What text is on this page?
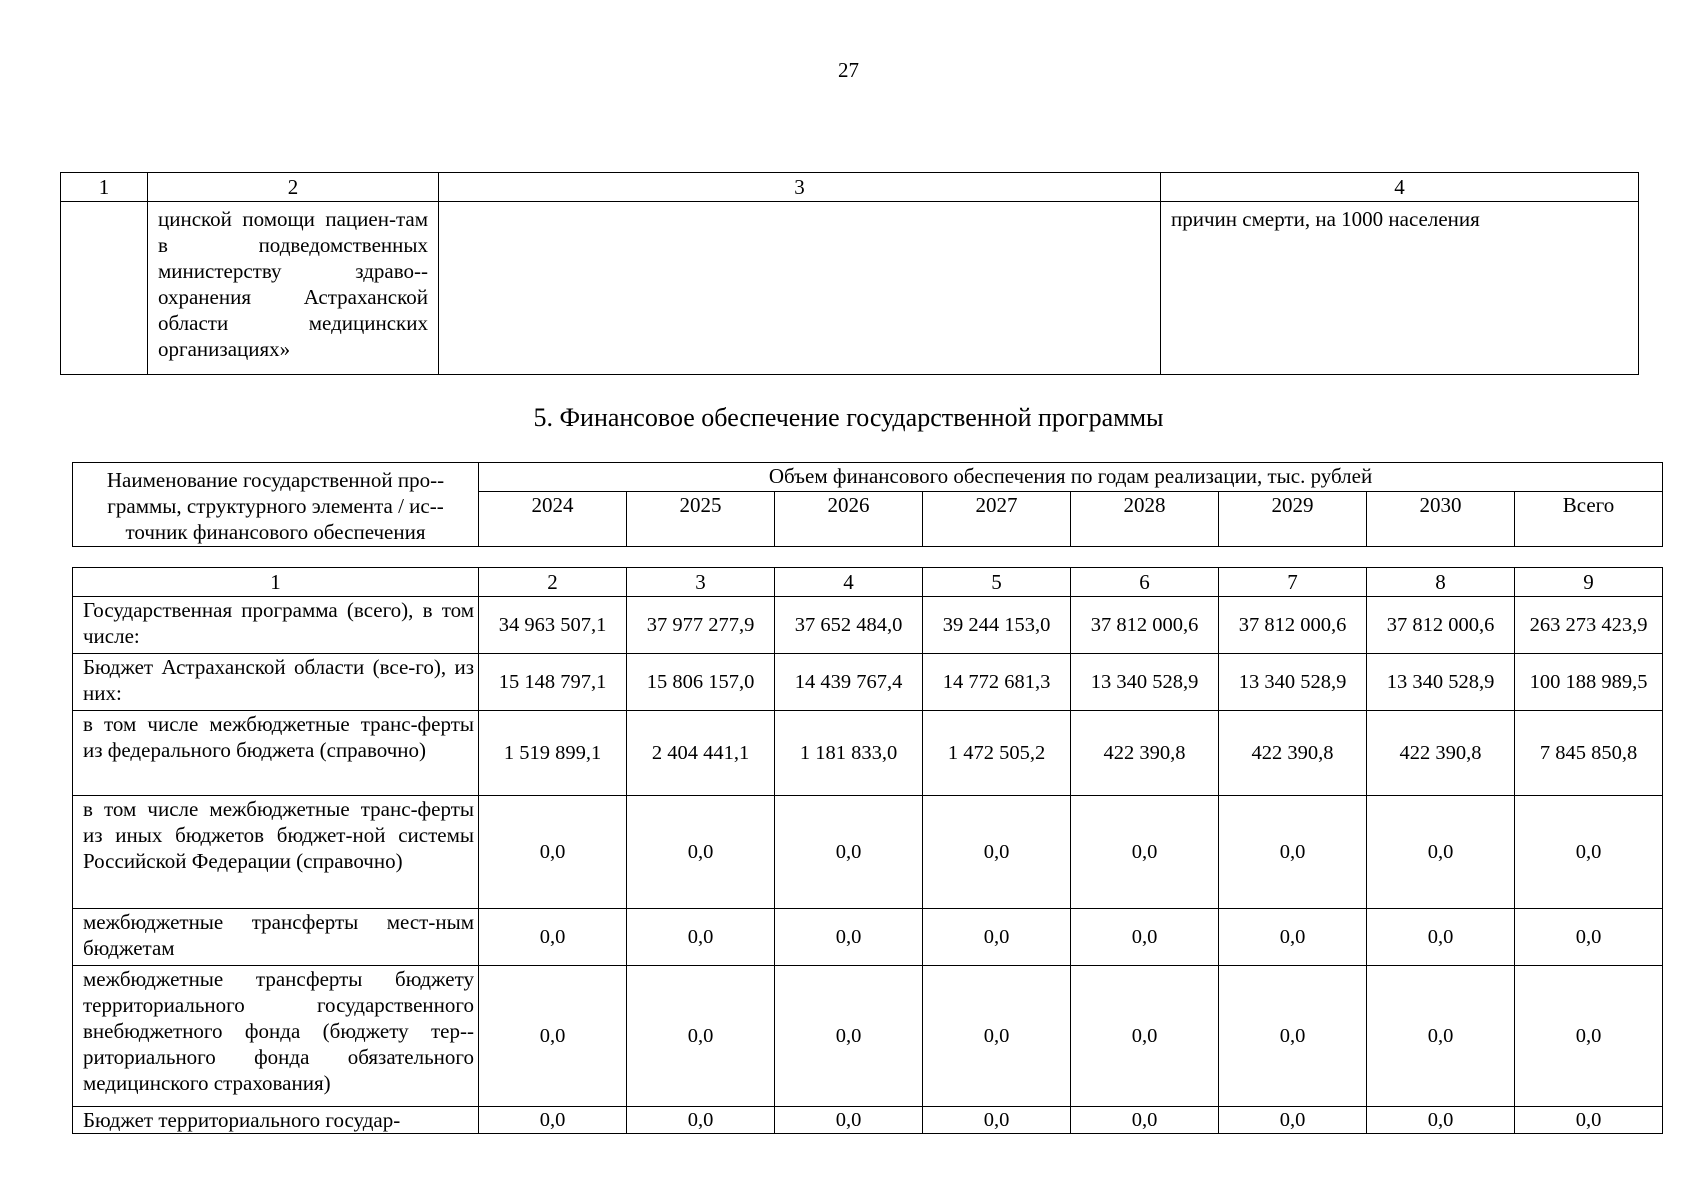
27
1	2	3	4
	цинской помощи пациен-там в подведомственных министерству здраво-охранения Астраханской области медицинских организациях»		причин смерти, на 1000 населения
5. Финансовое обеспечение государственной программы
Наименование государственной про-граммы, структурного элемента / ис-точник финансового обеспечения	Объем финансового обеспечения по годам реализации, тыс. рублей							
	2024	2025	2026	2027	2028	2029	2030	Всего
1	2	3	4	5	6	7	8	9
Государственная программа (всего), в том числе:	34 963 507,1	37 977 277,9	37 652 484,0	39 244 153,0	37 812 000,6	37 812 000,6	37 812 000,6	263 273 423,9
Бюджет Астраханской области (все-го), из них:	15 148 797,1	15 806 157,0	14 439 767,4	14 772 681,3	13 340 528,9	13 340 528,9	13 340 528,9	100 188 989,5
в том числе межбюджетные транс-ферты из федерального бюджета (справочно)	1 519 899,1	2 404 441,1	1 181 833,0	1 472 505,2	422 390,8	422 390,8	422 390,8	7 845 850,8
в том числе межбюджетные транс-ферты из иных бюджетов бюджет-ной системы Российской Федерации (справочно)	0,0	0,0	0,0	0,0	0,0	0,0	0,0	0,0
межбюджетные трансферты мест-ным бюджетам	0,0	0,0	0,0	0,0	0,0	0,0	0,0	0,0
межбюджетные трансферты бюджету территориального государственного внебюджетного фонда (бюджету тер-риториального фонда обязательного медицинского страхования)	0,0	0,0	0,0	0,0	0,0	0,0	0,0	0,0
Бюджет территориального государ-	0,0	0,0	0,0	0,0	0,0	0,0	0,0	0,0
